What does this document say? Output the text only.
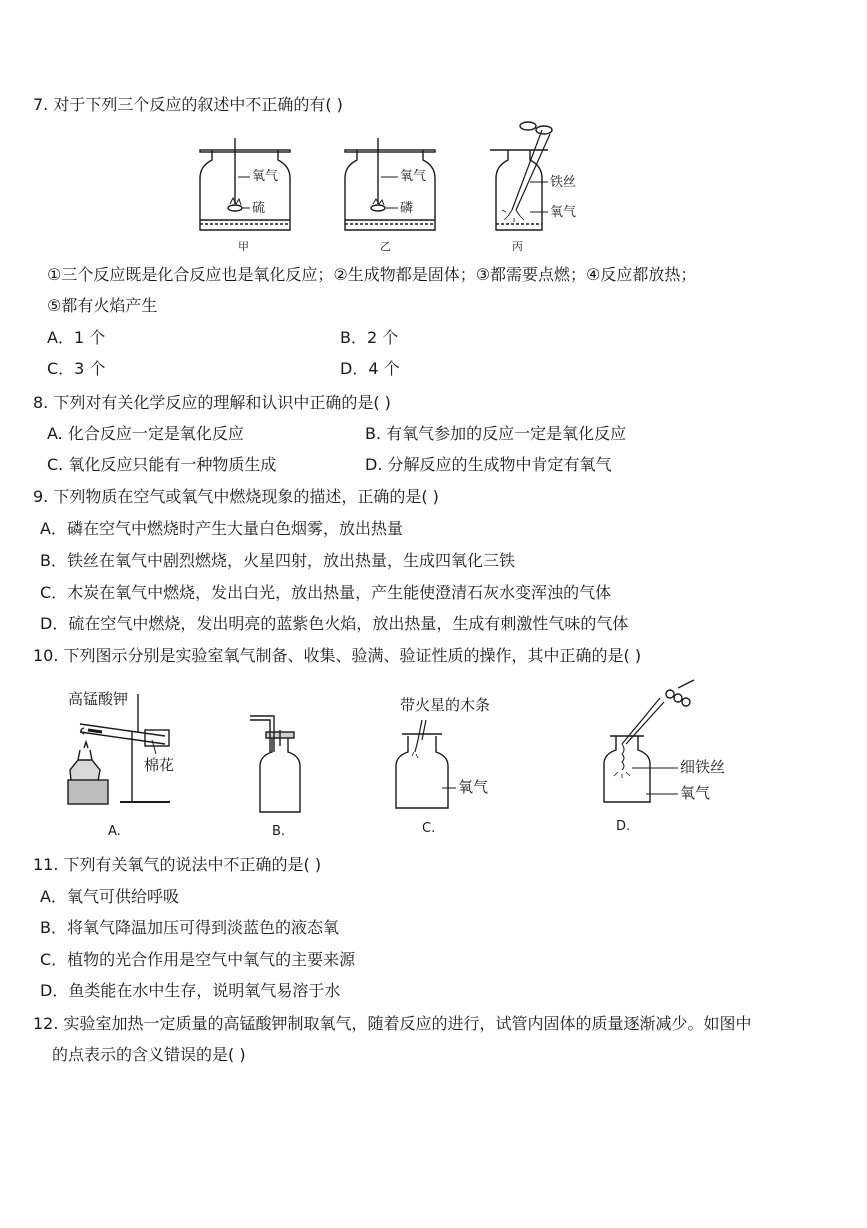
7. 对于下列三个反应的叙述中不正确的有( )
氧气
硫
甲
氧气
磷
乙
铁丝
氧气
丙
①三个反应既是化合反应也是氧化反应；②生成物都是固体；③都需要点燃；④反应都放热；
⑤都有火焰产生
A．1 个	B．2 个
C．3 个	D．4 个
8. 下列对有关化学反应的理解和认识中正确的是( )
A. 化合反应一定是氧化反应	B. 有氧气参加的反应一定是氧化反应
C. 氧化反应只能有一种物质生成	D. 分解反应的生成物中肯定有氧气
9. 下列物质在空气或氧气中燃烧现象的描述，正确的是( )
A．磷在空气中燃烧时产生大量白色烟雾，放出热量
B．铁丝在氧气中剧烈燃烧，火星四射，放出热量，生成四氧化三铁
C．木炭在氧气中燃烧，发出白光，放出热量，产生能使澄清石灰水变浑浊的气体
D．硫在空气中燃烧，发出明亮的蓝紫色火焰，放出热量，生成有刺激性气味的气体
10. 下列图示分别是实验室氧气制备、收集、验满、验证性质的操作，其中正确的是( )
高锰酸钾
棉花
A.	B.
带火星的木条
氧气
C.
细铁丝
氧气
D.
11. 下列有关氧气的说法中不正确的是( )
A．氧气可供给呼吸
B．将氧气降温加压可得到淡蓝色的液态氧
C．植物的光合作用是空气中氧气的主要来源
D．鱼类能在水中生存，说明氧气易溶于水
12. 实验室加热一定质量的高锰酸钾制取氧气，随着反应的进行，试管内固体的质量逐渐减少。如图中
的点表示的含义错误的是( )
